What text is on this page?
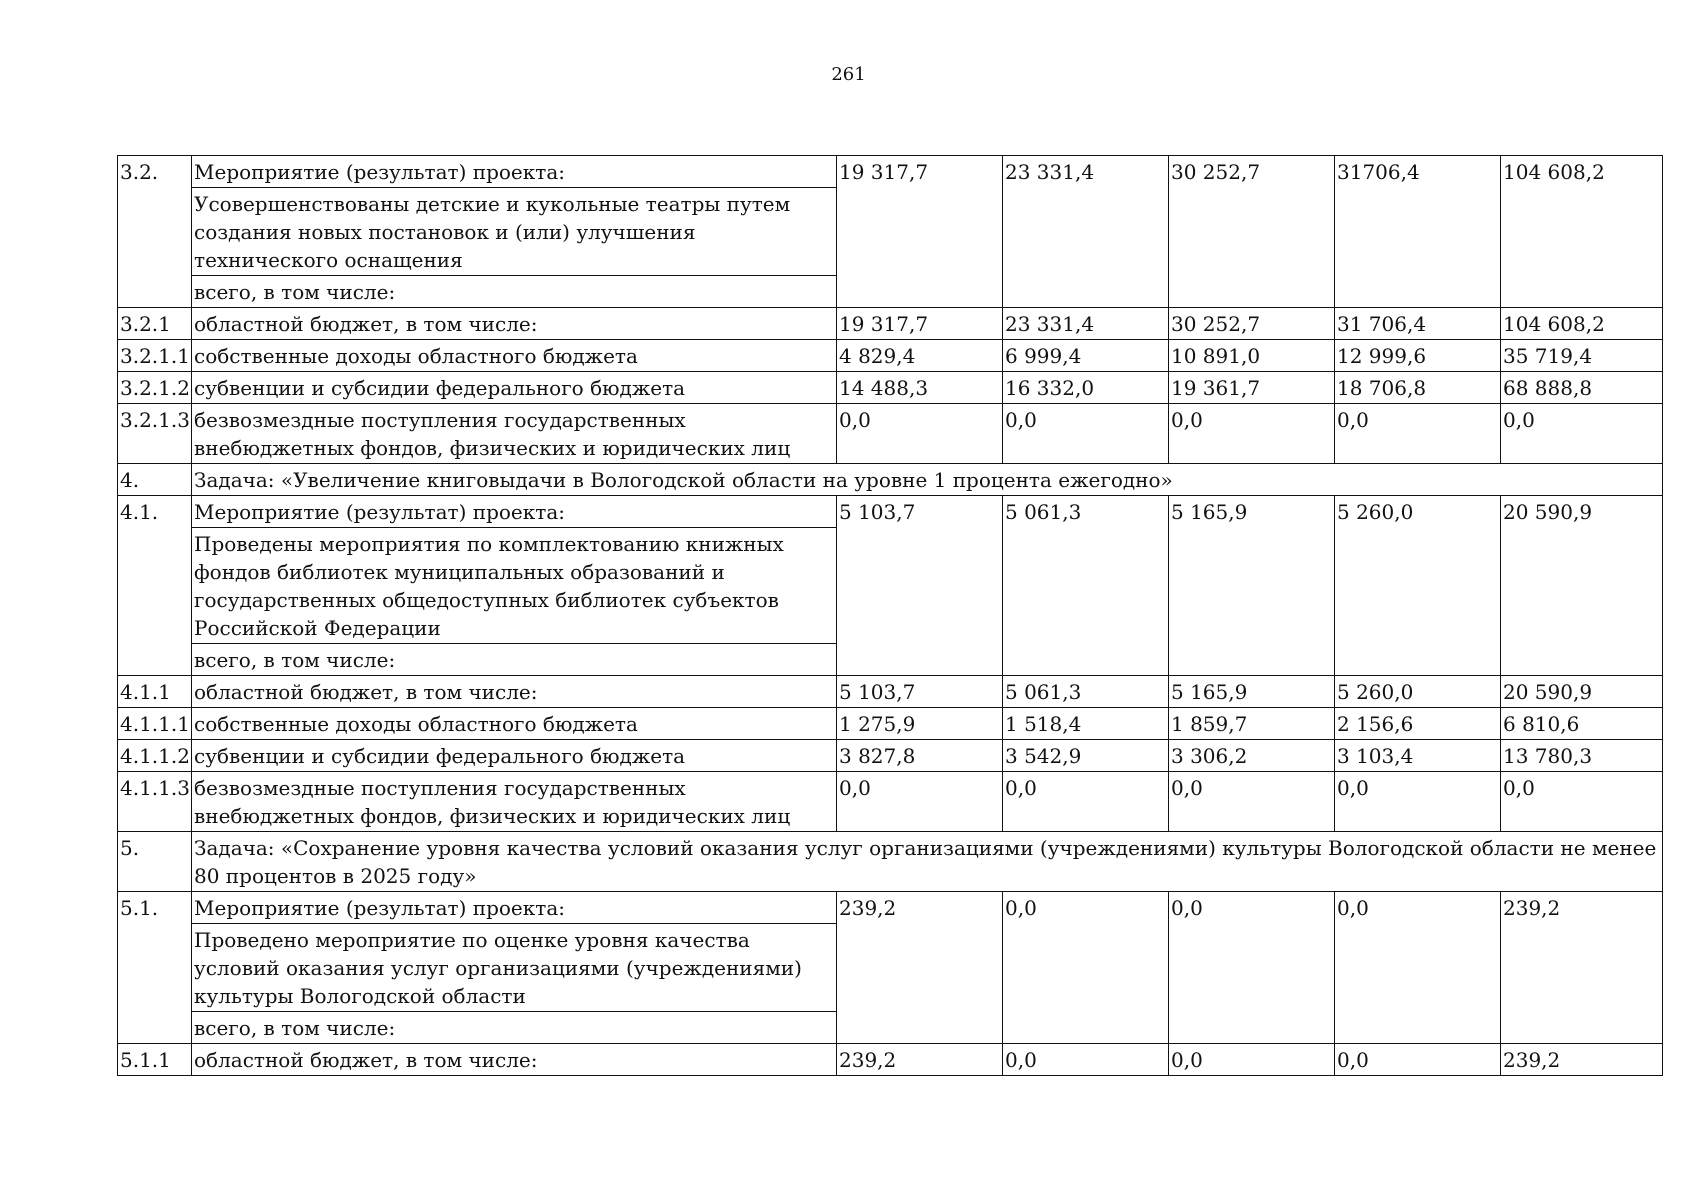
261
3.2.	Мероприятие (результат) проекта:	19 317,7	23 331,4	30 252,7	31706,4	104 608,2
	Усовершенствованы детские и кукольные театры путем создания новых постановок и (или) улучшения технического оснащения					
	всего, в том числе:					
3.2.1	областной бюджет, в том числе:	19 317,7	23 331,4	30 252,7	31 706,4	104 608,2
3.2.1.1	собственные доходы областного бюджета	4 829,4	6 999,4	10 891,0	12 999,6	35 719,4
3.2.1.2	субвенции и субсидии федерального бюджета	14 488,3	16 332,0	19 361,7	18 706,8	68 888,8
3.2.1.3	безвозмездные поступления государственных внебюджетных фондов, физических и юридических лиц	0,0	0,0	0,0	0,0	0,0
4.	Задача: «Увеличение книговыдачи в Вологодской области на уровне 1 процента ежегодно»					
4.1.	Мероприятие (результат) проекта:	5 103,7	5 061,3	5 165,9	5 260,0	20 590,9
	Проведены мероприятия по комплектованию книжных фондов библиотек муниципальных образований и государственных общедоступных библиотек субъектов Российской Федерации					
	всего, в том числе:					
4.1.1	областной бюджет, в том числе:	5 103,7	5 061,3	5 165,9	5 260,0	20 590,9
4.1.1.1	собственные доходы областного бюджета	1 275,9	1 518,4	1 859,7	2 156,6	6 810,6
4.1.1.2	субвенции и субсидии федерального бюджета	3 827,8	3 542,9	3 306,2	3 103,4	13 780,3
4.1.1.3	безвозмездные поступления государственных внебюджетных фондов, физических и юридических лиц	0,0	0,0	0,0	0,0	0,0
5.	Задача: «Сохранение уровня качества условий оказания услуг организациями (учреждениями) культуры Вологодской области не менее 80 процентов в 2025 году»					
5.1.	Мероприятие (результат) проекта:	239,2	0,0	0,0	0,0	239,2
	Проведено мероприятие по оценке уровня качества условий оказания услуг организациями (учреждениями) культуры Вологодской области					
	всего, в том числе:					
5.1.1	областной бюджет, в том числе:	239,2	0,0	0,0	0,0	239,2
